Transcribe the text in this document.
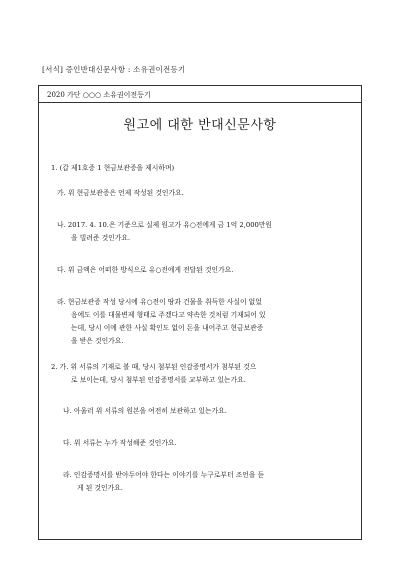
[서식] 증인반대신문사항 : 소유권이전등기
2020 가단 ○○○ 소유권이전등기
원고에 대한 반대신문사항
1. (갑 제1호증 1 현금보관증을 제시하며)
가. 위 현금보관증은 언제 작성된 것인가요.
나. 2017. 4. 10.은 기준으로 실제 원고가 유○전에게 금 1억 2,000만원
을 빌려준 것인가요.
다. 위 금액은 어떠한 방식으로 유○전에게 전달된 것인가요.
라. 현금보관증 작성 당시에 유○전이 땅과 건물을 취득한 사실이 없었
음에도 이를 대물변제 형태로 주겠다고 약속한 것처럼 기재되어 있
는데, 당시 이에 관한 사실 확인도 없이 돈을 내어주고 현금보관증
을 받은 것인가요.
2. 가. 위 서류의 기재로 볼 때, 당시 첨부된 인감증명서가 첨부된 것으
로 보이는데, 당시 첨부된 인감증명서를 교부하고 있는가요.
나. 아울러 위 서류의 원본을 여전히 보관하고 있는가요.
다. 위 서류는 누가 작성해준 것인가요.
라. 인감증명서를 받아두어야 한다는 이야기를 누구로부터 조언을 듣
게 된 것인가요.
